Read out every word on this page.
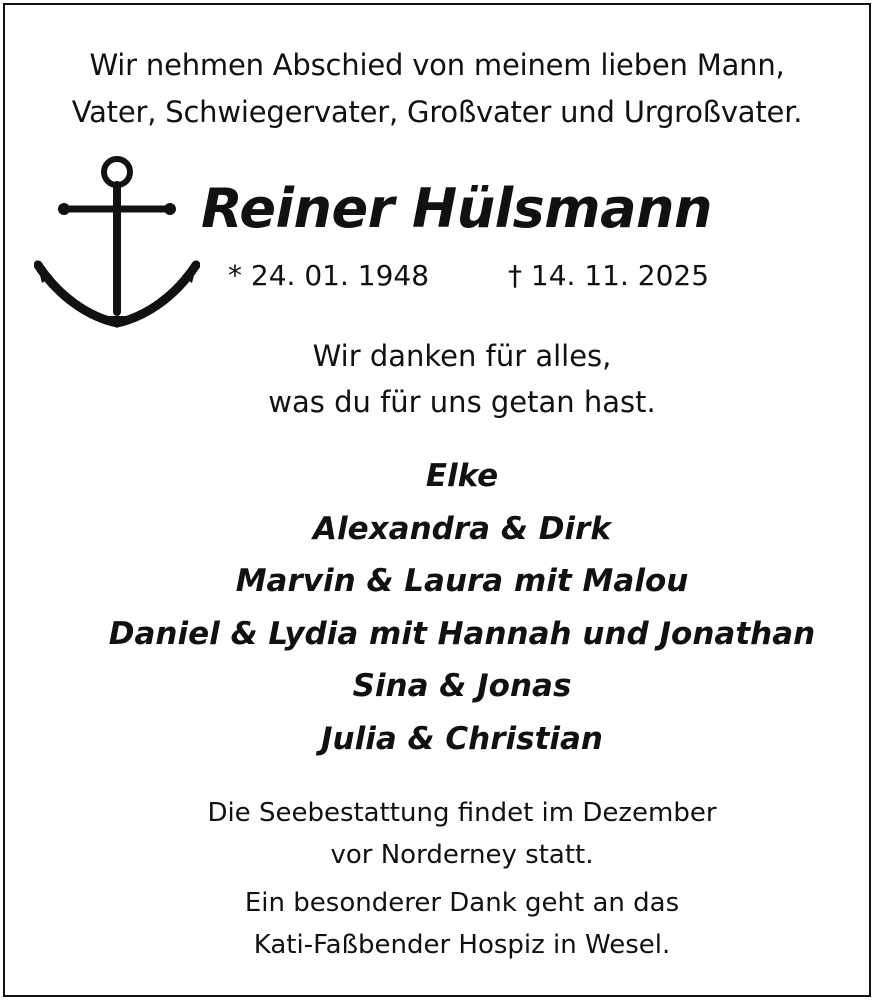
Wir nehmen Abschied von meinem lieben Mann,
Vater, Schwiegervater, Großvater und Urgroßvater.
Reiner Hülsmann
* 24. 01. 1948	† 14. 11. 2025
Wir danken für alles,
was du für uns getan hast.
Elke
Alexandra & Dirk
Marvin & Laura mit Malou
Daniel & Lydia mit Hannah und Jonathan
Sina & Jonas
Julia & Christian
Die Seebestattung findet im Dezember
vor Norderney statt.
Ein besonderer Dank geht an das
Kati-Faßbender Hospiz in Wesel.
